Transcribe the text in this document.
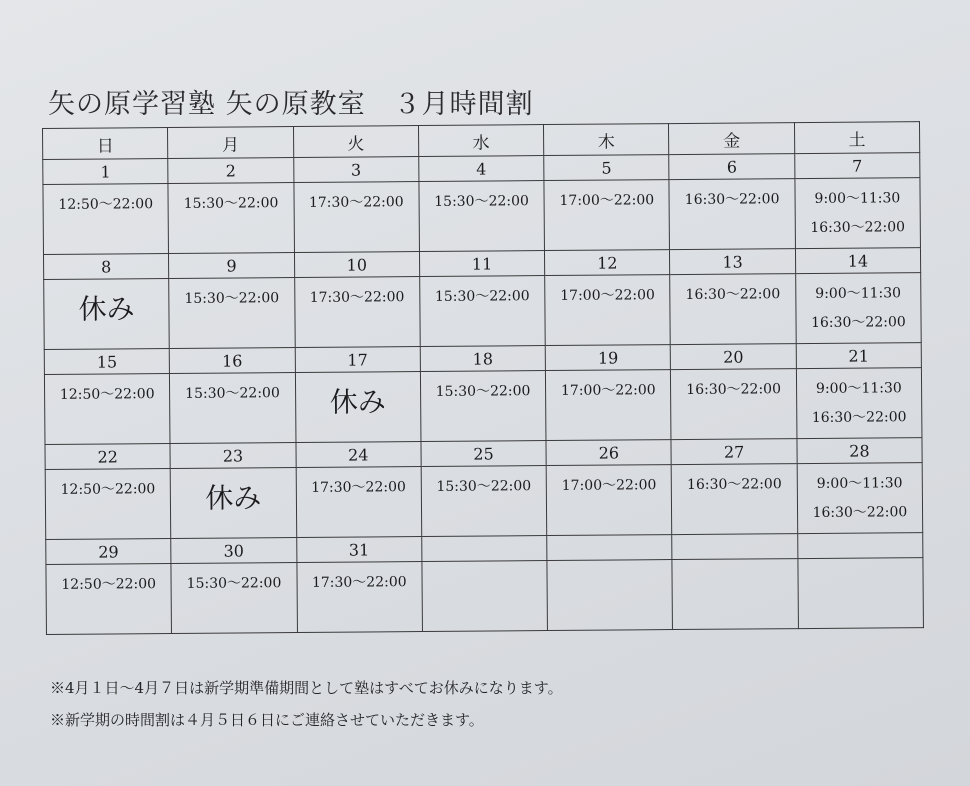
矢の原学習塾 矢の原教室　３月時間割
日	月	火	水	木	金	土
1	2	3	4	5	6	7

12:50〜22:00	15:30〜22:00	17:30〜22:00	15:30〜22:00	17:00〜22:00	16:30〜22:00	9:00〜11:30
16:30〜22:00

8	9	10	11	12	13	14

休み	15:30〜22:00	17:30〜22:00	15:30〜22:00	17:00〜22:00	16:30〜22:00	9:00〜11:30
16:30〜22:00

15	16	17	18	19	20	21

12:50〜22:00	15:30〜22:00	休み	15:30〜22:00	17:00〜22:00	16:30〜22:00	9:00〜11:30
16:30〜22:00

22	23	24	25	26	27	28

12:50〜22:00	休み	17:30〜22:00	15:30〜22:00	17:00〜22:00	16:30〜22:00	9:00〜11:30
16:30〜22:00

29	30	31				

12:50〜22:00	15:30〜22:00	17:30〜22:00				

※4月１日〜4月７日は新学期準備期間として塾はすべてお休みになります。
※新学期の時間割は４月５日６日にご連絡させていただきます。
